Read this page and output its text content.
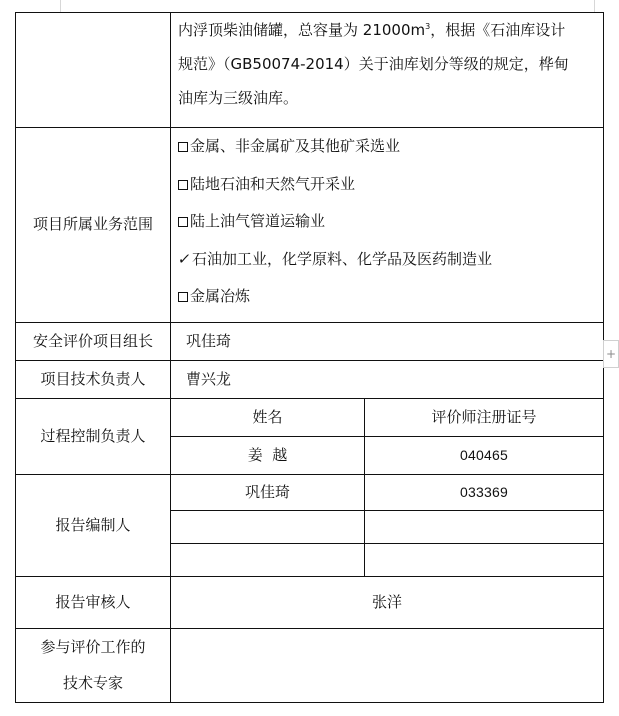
	内浮顶柴油储罐，总容量为 $21000m^3$，根据《石油库设计
规范》（GB50074-2014）关于油库划分等级的规定，桦甸
油库为三级油库。	

项目所属业务范围	金属、非金属矿及其他矿采选业
陆地石油和天然气开采业
陆上油气管道运输业
✓石油加工业，化学原料、化学品及医药制造业
金属冶炼	

安全评价项目组长	巩佳琦	
项目技术负责人	曹兴龙	
过程控制负责人	姓名	评价师注册证号
	姜  越	040465
报告编制人	巩佳琦	033369

报告审核人	张洋	

参与评价工作的
技术专家		

+
